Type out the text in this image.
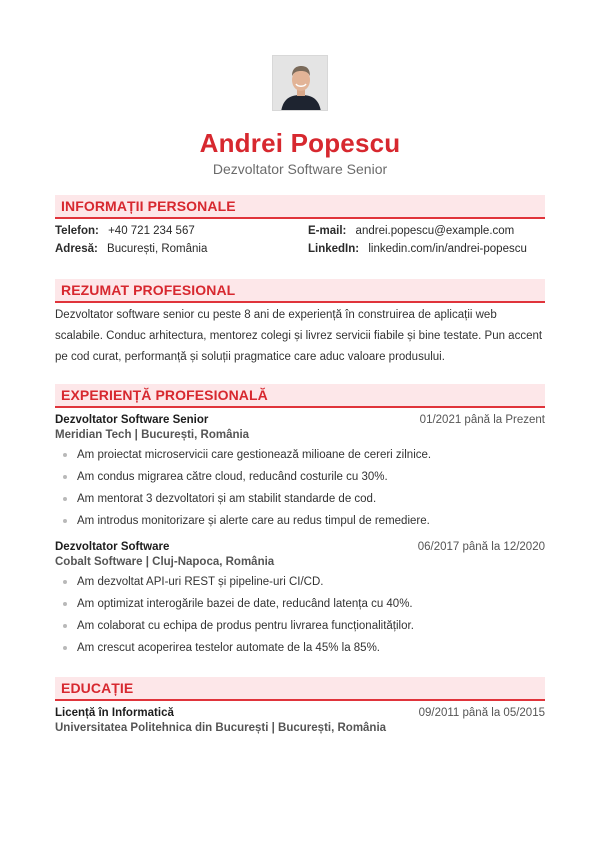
Andrei Popescu
Dezvoltator Software Senior
INFORMAȚII PERSONALE
Telefon: +40 721 234 567
Adresă: București, România
E-mail: andrei.popescu@example.com
LinkedIn: linkedin.com/in/andrei-popescu
REZUMAT PROFESIONAL
Dezvoltator software senior cu peste 8 ani de experiență în construirea de aplicații web scalabile. Conduc arhitectura, mentorez colegi și livrez servicii fiabile și bine testate. Pun accent pe cod curat, performanță și soluții pragmatice care aduc valoare produsului.
EXPERIENȚĂ PROFESIONALĂ
Dezvoltator Software Senior	01/2021 până la Prezent
Meridian Tech | București, România
Am proiectat microservicii care gestionează milioane de cereri zilnice.
Am condus migrarea către cloud, reducând costurile cu 30%.
Am mentorat 3 dezvoltatori și am stabilit standarde de cod.
Am introdus monitorizare și alerte care au redus timpul de remediere.
Dezvoltator Software	06/2017 până la 12/2020
Cobalt Software | Cluj-Napoca, România
Am dezvoltat API-uri REST și pipeline-uri CI/CD.
Am optimizat interogările bazei de date, reducând latența cu 40%.
Am colaborat cu echipa de produs pentru livrarea funcționalităților.
Am crescut acoperirea testelor automate de la 45% la 85%.
EDUCAȚIE
Licență în Informatică	09/2011 până la 05/2015
Universitatea Politehnica din București | București, România
